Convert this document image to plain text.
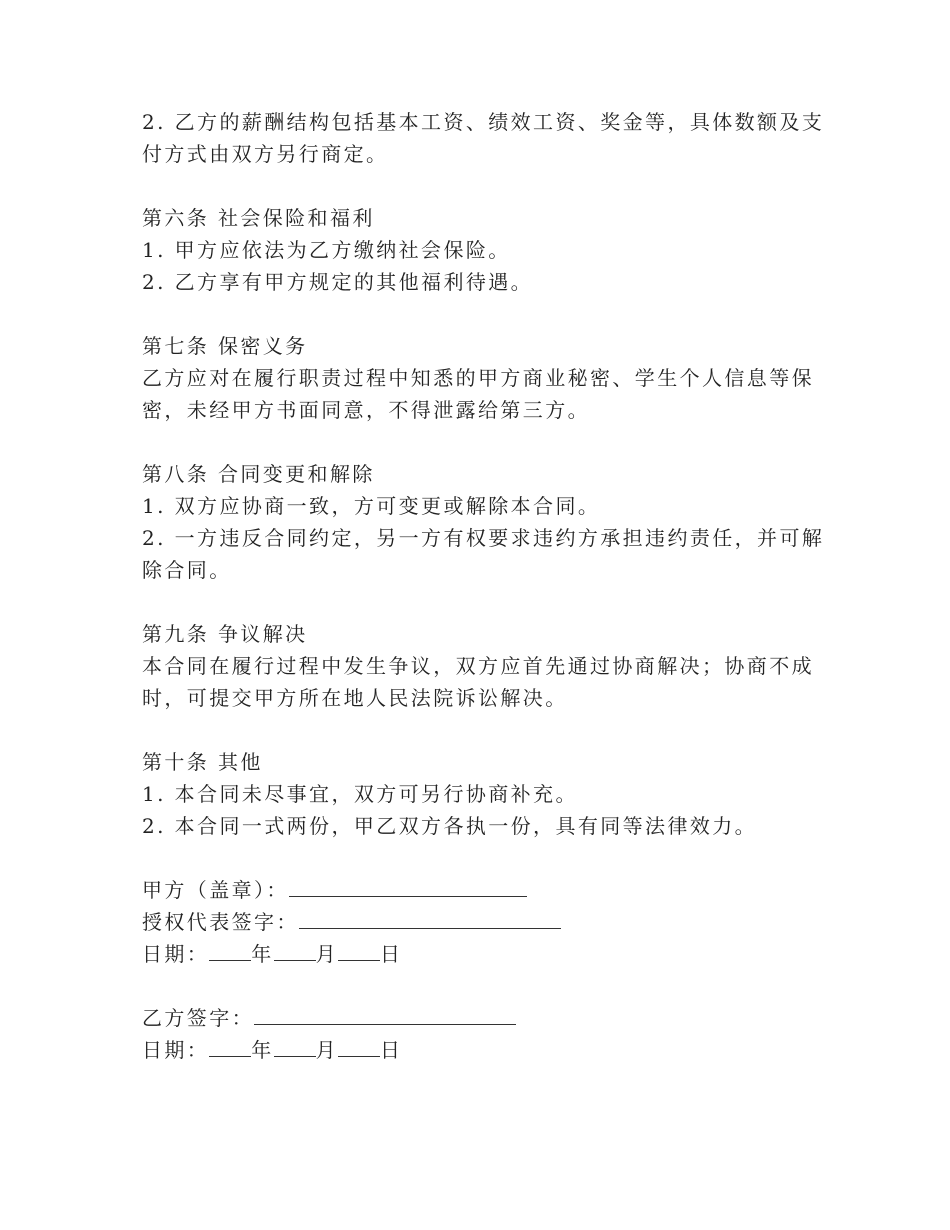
2. 乙方的薪酬结构包括基本工资、绩效工资、奖金等，具体数额及支
付方式由双方另行商定。
第六条 社会保险和福利
1. 甲方应依法为乙方缴纳社会保险。
2. 乙方享有甲方规定的其他福利待遇。
第七条 保密义务
乙方应对在履行职责过程中知悉的甲方商业秘密、学生个人信息等保
密，未经甲方书面同意，不得泄露给第三方。
第八条 合同变更和解除
1. 双方应协商一致，方可变更或解除本合同。
2. 一方违反合同约定，另一方有权要求违约方承担违约责任，并可解
除合同。
第九条 争议解决
本合同在履行过程中发生争议，双方应首先通过协商解决；协商不成
时，可提交甲方所在地人民法院诉讼解决。
第十条 其他
1. 本合同未尽事宜，双方可另行协商补充。
2. 本合同一式两份，甲乙双方各执一份，具有同等法律效力。
甲方（盖章）：
授权代表签字：
日期： 年 月 日
乙方签字：
日期： 年 月 日
